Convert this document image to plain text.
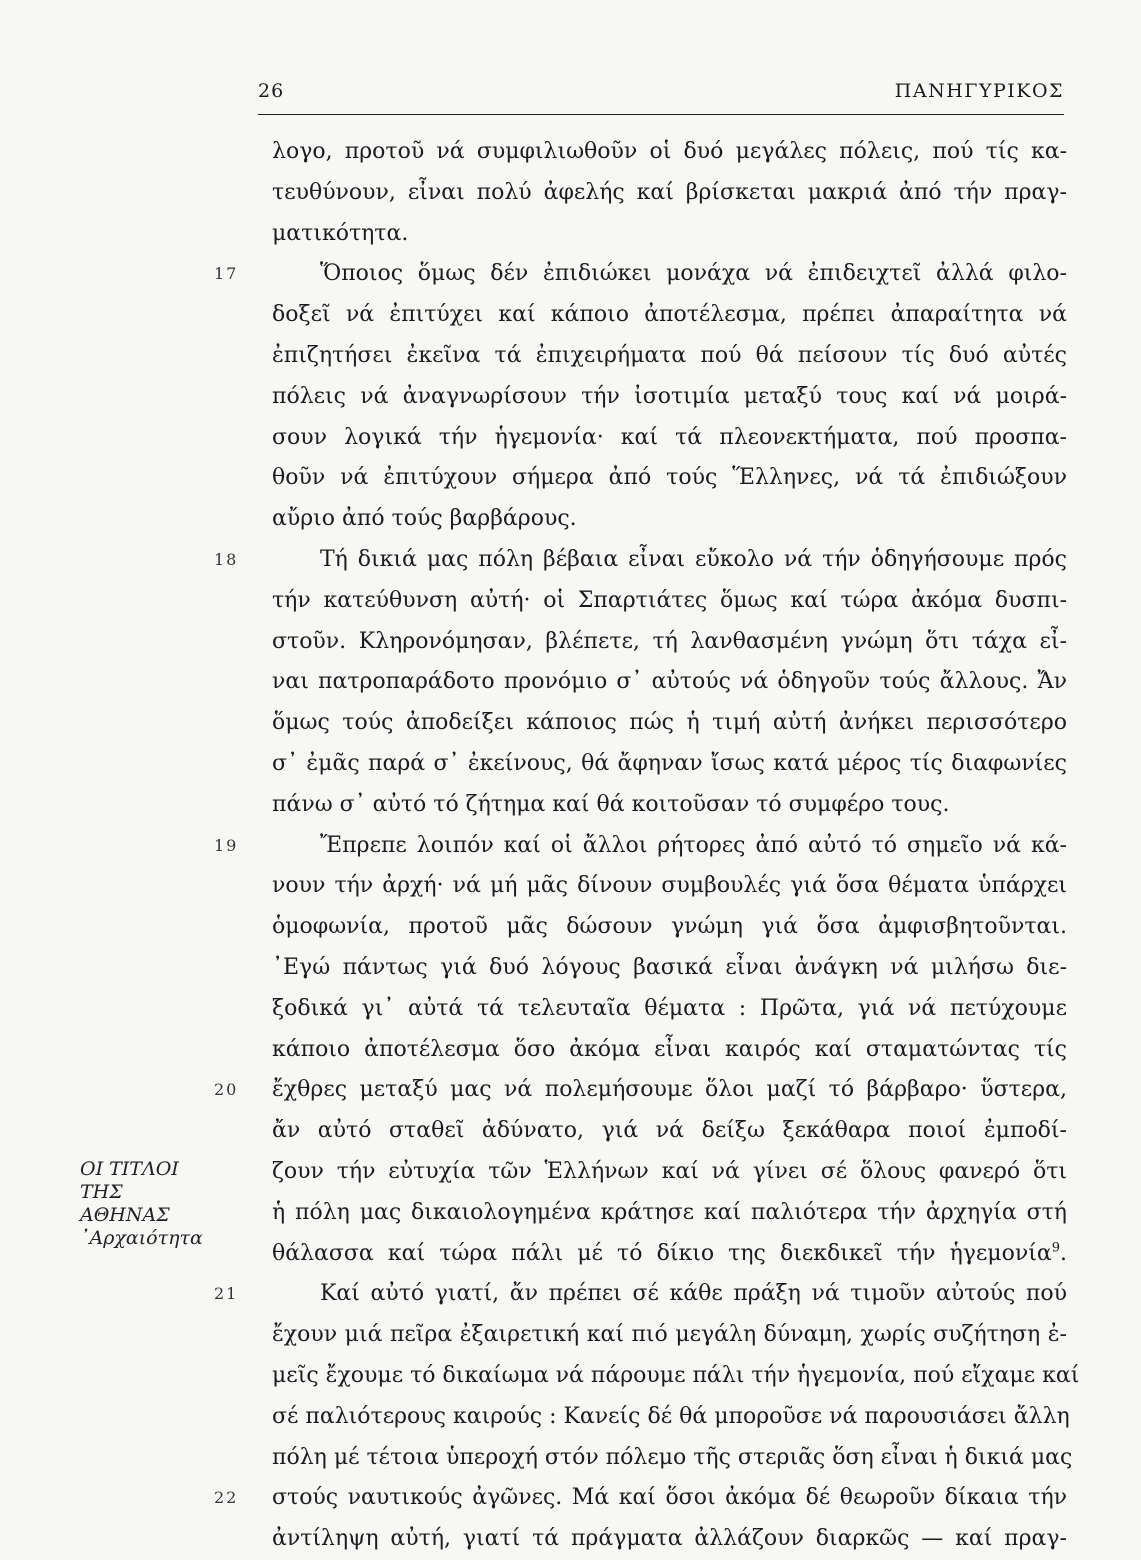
26	ΠΑΝΗΓΥΡΙΚΟΣ
ΟΙ ΤΙΤΛΟΙ
ΤΗΣ
ΑΘΗΝΑΣ
᾽Αρχαιότητα
λογο, προτοῦ νά συμφιλιωθοῦν οἱ δυό μεγάλες πόλεις, πού τίς κα-
τευθύνουν, εἶναι πολύ ἀφελής καί βρίσκεται μακριά ἀπό τήν πραγ-
ματικότητα.
17	Ὅποιος ὅμως δέν ἐπιδιώκει μονάχα νά ἐπιδειχτεῖ ἀλλά φιλο-
δοξεῖ νά ἐπιτύχει καί κάποιο ἀποτέλεσμα, πρέπει ἀπαραίτητα νά
ἐπιζητήσει ἐκεῖνα τά ἐπιχειρήματα πού θά πείσουν τίς δυό αὐτές
πόλεις νά ἀναγνωρίσουν τήν ἰσοτιμία μεταξύ τους καί νά μοιρά-
σουν λογικά τήν ἡγεμονία· καί τά πλεονεκτήματα, πού προσπα-
θοῦν νά ἐπιτύχουν σήμερα ἀπό τούς Ἕλληνες, νά τά ἐπιδιώξουν
αὔριο ἀπό τούς βαρβάρους.
18	Τή δικιά μας πόλη βέβαια εἶναι εὔκολο νά τήν ὁδηγήσουμε πρός
τήν κατεύθυνση αὐτή· οἱ Σπαρτιάτες ὅμως καί τώρα ἀκόμα δυσπι-
στοῦν. Κληρονόμησαν, βλέπετε, τή λανθασμένη γνώμη ὅτι τάχα εἶ-
ναι πατροπαράδοτο προνόμιο σ᾽ αὐτούς νά ὁδηγοῦν τούς ἄλλους. Ἄν
ὅμως τούς ἀποδείξει κάποιος πώς ἡ τιμή αὐτή ἀνήκει περισσότερο
σ᾽ ἐμᾶς παρά σ᾽ ἐκείνους, θά ἄφηναν ἴσως κατά μέρος τίς διαφωνίες
πάνω σ᾽ αὐτό τό ζήτημα καί θά κοιτοῦσαν τό συμφέρο τους.
19	Ἔπρεπε λοιπόν καί οἱ ἄλλοι ρήτορες ἀπό αὐτό τό σημεῖο νά κά-
νουν τήν ἀρχή· νά μή μᾶς δίνουν συμβουλές γιά ὅσα θέματα ὑπάρχει
ὁμοφωνία, προτοῦ μᾶς δώσουν γνώμη γιά ὅσα ἀμφισβητοῦνται.
᾽Εγώ πάντως γιά δυό λόγους βασικά εἶναι ἀνάγκη νά μιλήσω διε-
ξοδικά γι᾽ αὐτά τά τελευταῖα θέματα : Πρῶτα, γιά νά πετύχουμε
κάποιο ἀποτέλεσμα ὅσο ἀκόμα εἶναι καιρός καί σταματώντας τίς
20 ἔχθρες μεταξύ μας νά πολεμήσουμε ὅλοι μαζί τό βάρβαρο· ὕστερα,
ἄν αὐτό σταθεῖ ἀδύνατο, γιά νά δείξω ξεκάθαρα ποιοί ἐμποδί-
ζουν τήν εὐτυχία τῶν Ἑλλήνων καί νά γίνει σέ ὅλους φανερό ὅτι
ἡ πόλη μας δικαιολογημένα κράτησε καί παλιότερα τήν ἀρχηγία στή
θάλασσα καί τώρα πάλι μέ τό δίκιο της διεκδικεῖ τήν ἡγεμονία$^9$.
21	Καί αὐτό γιατί, ἄν πρέπει σέ κάθε πράξη νά τιμοῦν αὐτούς πού
ἔχουν μιά πεῖρα ἐξαιρετική καί πιό μεγάλη δύναμη, χωρίς συζήτηση ἐ-
μεῖς ἔχουμε τό δικαίωμα νά πάρουμε πάλι τήν ἡγεμονία, πού εἴχαμε καί
σέ παλιότερους καιρούς : Κανείς δέ θά μποροῦσε νά παρουσιάσει ἄλλη
πόλη μέ τέτοια ὑπεροχή στόν πόλεμο τῆς στεριᾶς ὅση εἶναι ἡ δικιά μας
22 στούς ναυτικούς ἀγῶνες. Μά καί ὅσοι ἀκόμα δέ θεωροῦν δίκαια τήν
ἀντίληψη αὐτή, γιατί τά πράγματα ἀλλάζουν διαρκῶς — καί πραγ-
